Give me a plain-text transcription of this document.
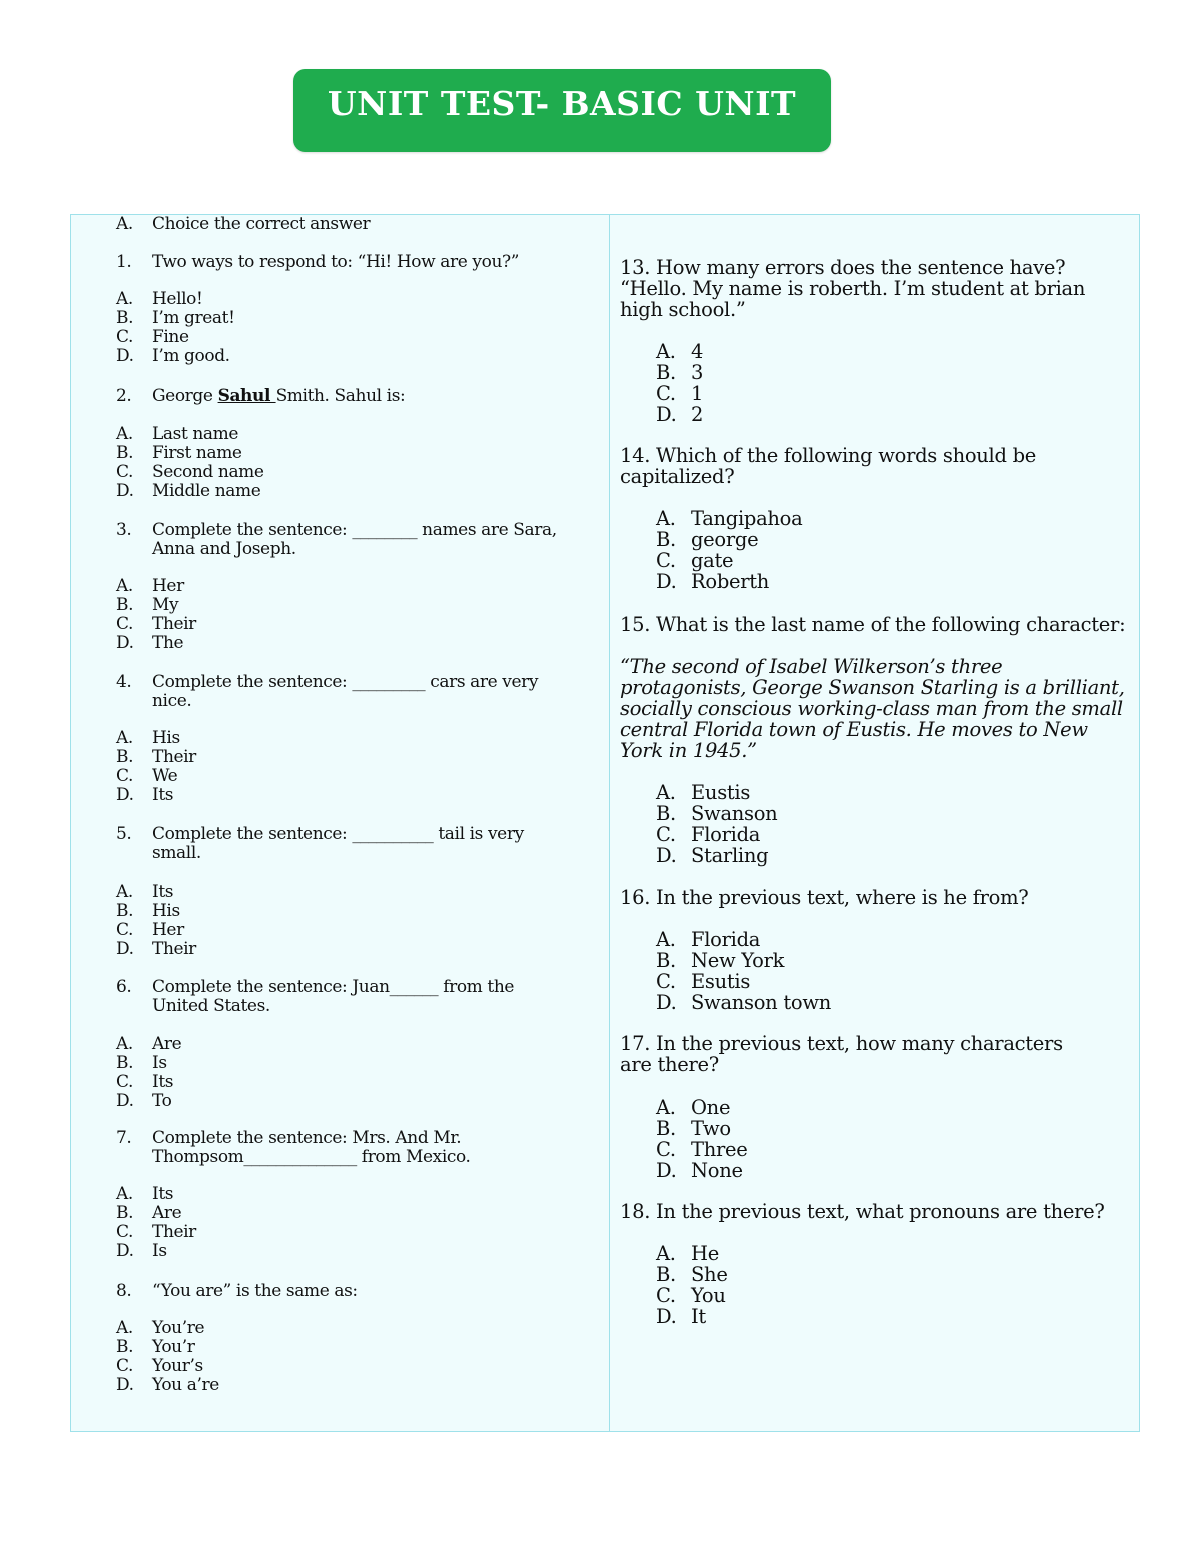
UNIT TEST- BASIC UNIT
A.	Choice the correct answer
1.	Two ways to respond to: “Hi! How are you?”
A.	Hello!
B.	I’m great!
C.	Fine
D.	I’m good.
2.	George Sahul Smith. Sahul is:
A.	Last name
B.	First name
C.	Second name
D.	Middle name
3.	Complete the sentence: ________ names are Sara, Anna and Joseph.
A.	Her
B.	My
C.	Their
D.	The
4.	Complete the sentence: _________ cars are very nice.
A.	His
B.	Their
C.	We
D.	Its
5.	Complete the sentence: __________ tail is very small.
A.	Its
B.	His
C.	Her
D.	Their
6.	Complete the sentence: Juan______ from the United States.
A.	Are
B.	Is
C.	Its
D.	To
7.	Complete the sentence: Mrs. And Mr. Thompsom______________ from Mexico.
A.	Its
B.	Are
C.	Their
D.	Is
8.	“You are” is the same as:
A.	You’re
B.	You’r
C.	Your’s
D.	You a’re
13. How many errors does the sentence have?
“Hello. My name is roberth. I’m student at brian high school.”
A. 4
B. 3
C. 1
D. 2
14. Which of the following words should be capitalized?
A. Tangipahoa
B. george
C. gate
D. Roberth
15. What is the last name of the following character:
“The second of Isabel Wilkerson’s three protagonists, George Swanson Starling is a brilliant, socially conscious working-class man from the small central Florida town of Eustis. He moves to New York in 1945.”
A. Eustis
B. Swanson
C. Florida
D. Starling
16. In the previous text, where is he from?
A. Florida
B. New York
C. Esutis
D. Swanson town
17. In the previous text, how many characters are there?
A. One
B. Two
C. Three
D. None
18. In the previous text, what pronouns are there?
A. He
B. She
C. You
D. It
